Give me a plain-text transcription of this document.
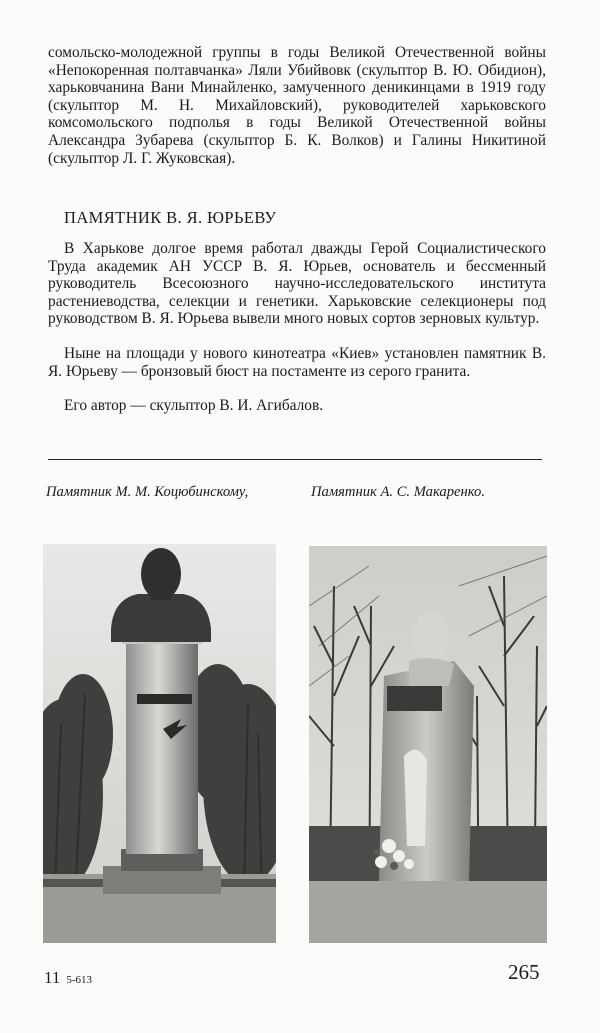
сомольско-молодежной группы в годы Великой Отечественной войны «Непокоренная полтавчанка» Ляли Убийвовк (скульптор В. Ю. Обидион), харьковчанина Вани Минайленко, замученного деникинцами в 1919 году (скульптор М. Н. Михайловский), руководителей харьковского комсомольского подполья в годы Великой Отечественной войны Александра Зубарева (скульптор Б. К. Волков) и Галины Никитиной (скульптор Л. Г. Жуковская).

ПАМЯТНИК В. Я. ЮРЬЕВУ

В Харькове долгое время работал дважды Герой Социалистического Труда академик АН УССР В. Я. Юрьев, основатель и бессменный руководитель Всесоюзного научно-исследовательского института растениеводства, селекции и генетики. Харьковские селекционеры под руководством В. Я. Юрьева вывели много новых сортов зерновых культур.

Ныне на площади у нового кинотеатра «Киев» установлен памятник В. Я. Юрьеву — бронзовый бюст на постаменте из серого гранита.

Его автор — скульптор В. И. Агибалов.

Памятник М. М. Коцюбинскому,	Памятник А. С. Макаренко.
11 5-613	265
